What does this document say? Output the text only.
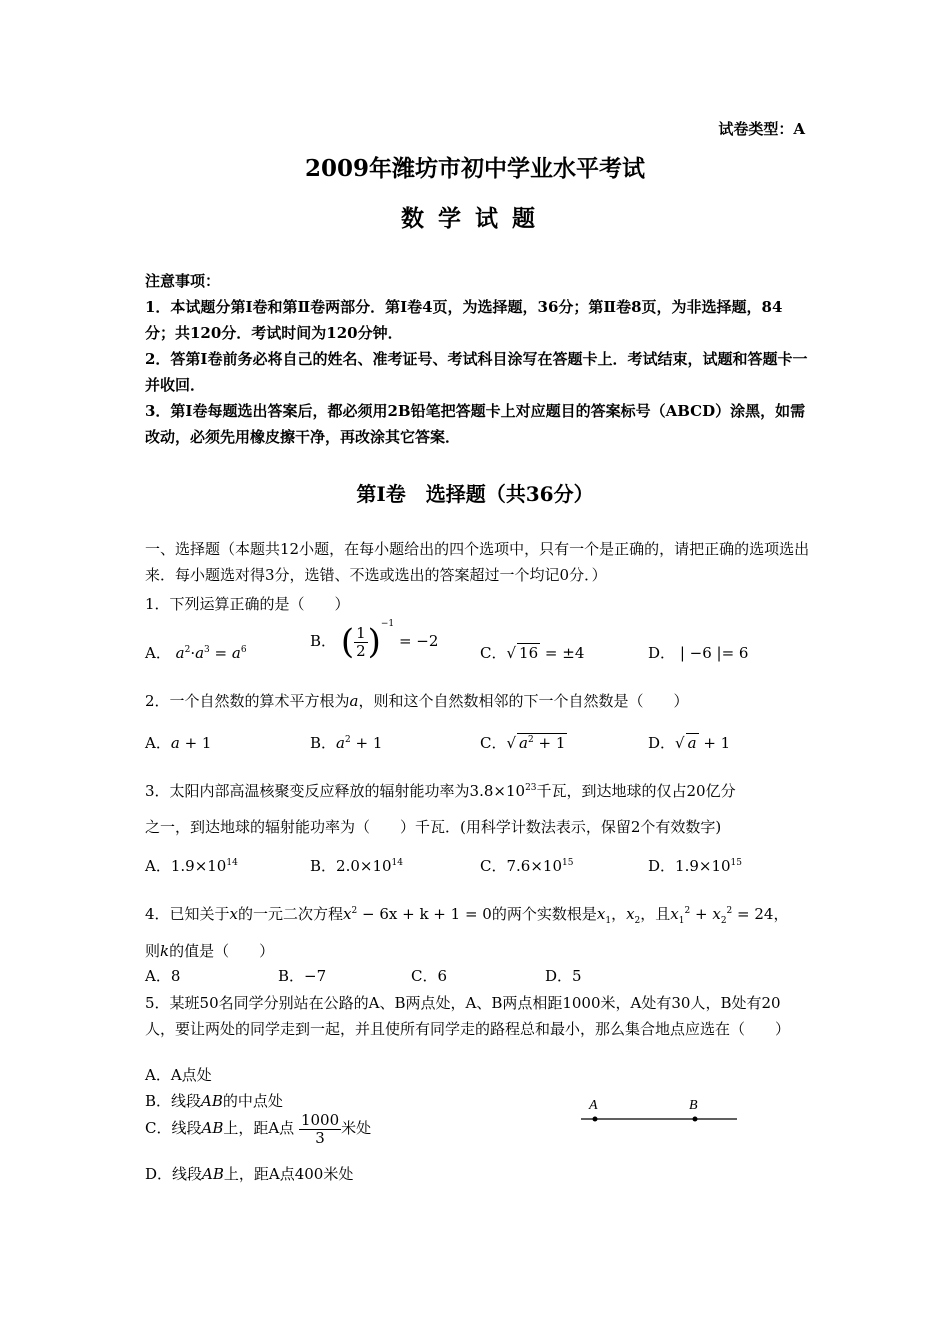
试卷类型：A
2009年潍坊市初中学业水平考试
数学试题

注意事项：

1．本试题分第Ⅰ卷和第Ⅱ卷两部分．第Ⅰ卷4页，为选择题，36分；第Ⅱ卷8页，为非选择题，84分；共120分．考试时间为120分钟．

2．答第Ⅰ卷前务必将自己的姓名、准考证号、考试科目涂写在答题卡上．考试结束，试题和答题卡一并收回．

3．第Ⅰ卷每题选出答案后，都必须用2B铅笔把答题卡上对应题目的答案标号（ABCD）涂黑，如需改动，必须先用橡皮擦干净，再改涂其它答案．

第Ⅰ卷　选择题（共36分）
一、选择题（本题共12小题，在每小题给出的四个选项中，只有一个是正确的，请把正确的选项选出来．每小题选对得3分，选错、不选或选出的答案超过一个均记0分．）
1．下列运算正确的是（　　）
A． $a^2\cdot a^3 = a^6$	B． ( $\frac{1}{2} )^{-1} = -2$
C．√ 16 = ±4	D． | −6 |= 6
2．一个自然数的算术平方根为a，则和这个自然数相邻的下一个自然数是（　　）
A．a + 1	B．$a^2 + 1$	C．√ $a^2 + 1$	D．√ a + 1
3．太阳内部高温核聚变反应释放的辐射能功率为$3.8\times 10^{23}$千瓦，到达地球的仅占20亿分
之一，到达地球的辐射能功率为（　　）千瓦．(用科学计数法表示，保留2个有效数字)
A．$1.9\times 10^{14}$	B．$2.0\times 10^{14}$	C．$7.6\times 10^{15}$	D．$1.9\times 10^{15}$
4．已知关于x的一元二次方程$x^2 - 6x + k + 1 = 0$的两个实数根是$x_1$，$x_2$，且$x_1^2 + x_2^2 = 24$，
则k的值是（　　）
A．8	B．−7	C．6	D．5
5．某班50名同学分别站在公路的A、B两点处，A、B两点相距1000米，A处有30人，B处有20人，要让两处的同学走到一起，并且使所有同学走的路程总和最小，那么集合地点应选在（　　）
A．A点处
B．线段AB的中点处
C．线段AB上，距A点 $\frac{1000}{3}$ 米处
D．线段AB上，距A点400米处
A	B
